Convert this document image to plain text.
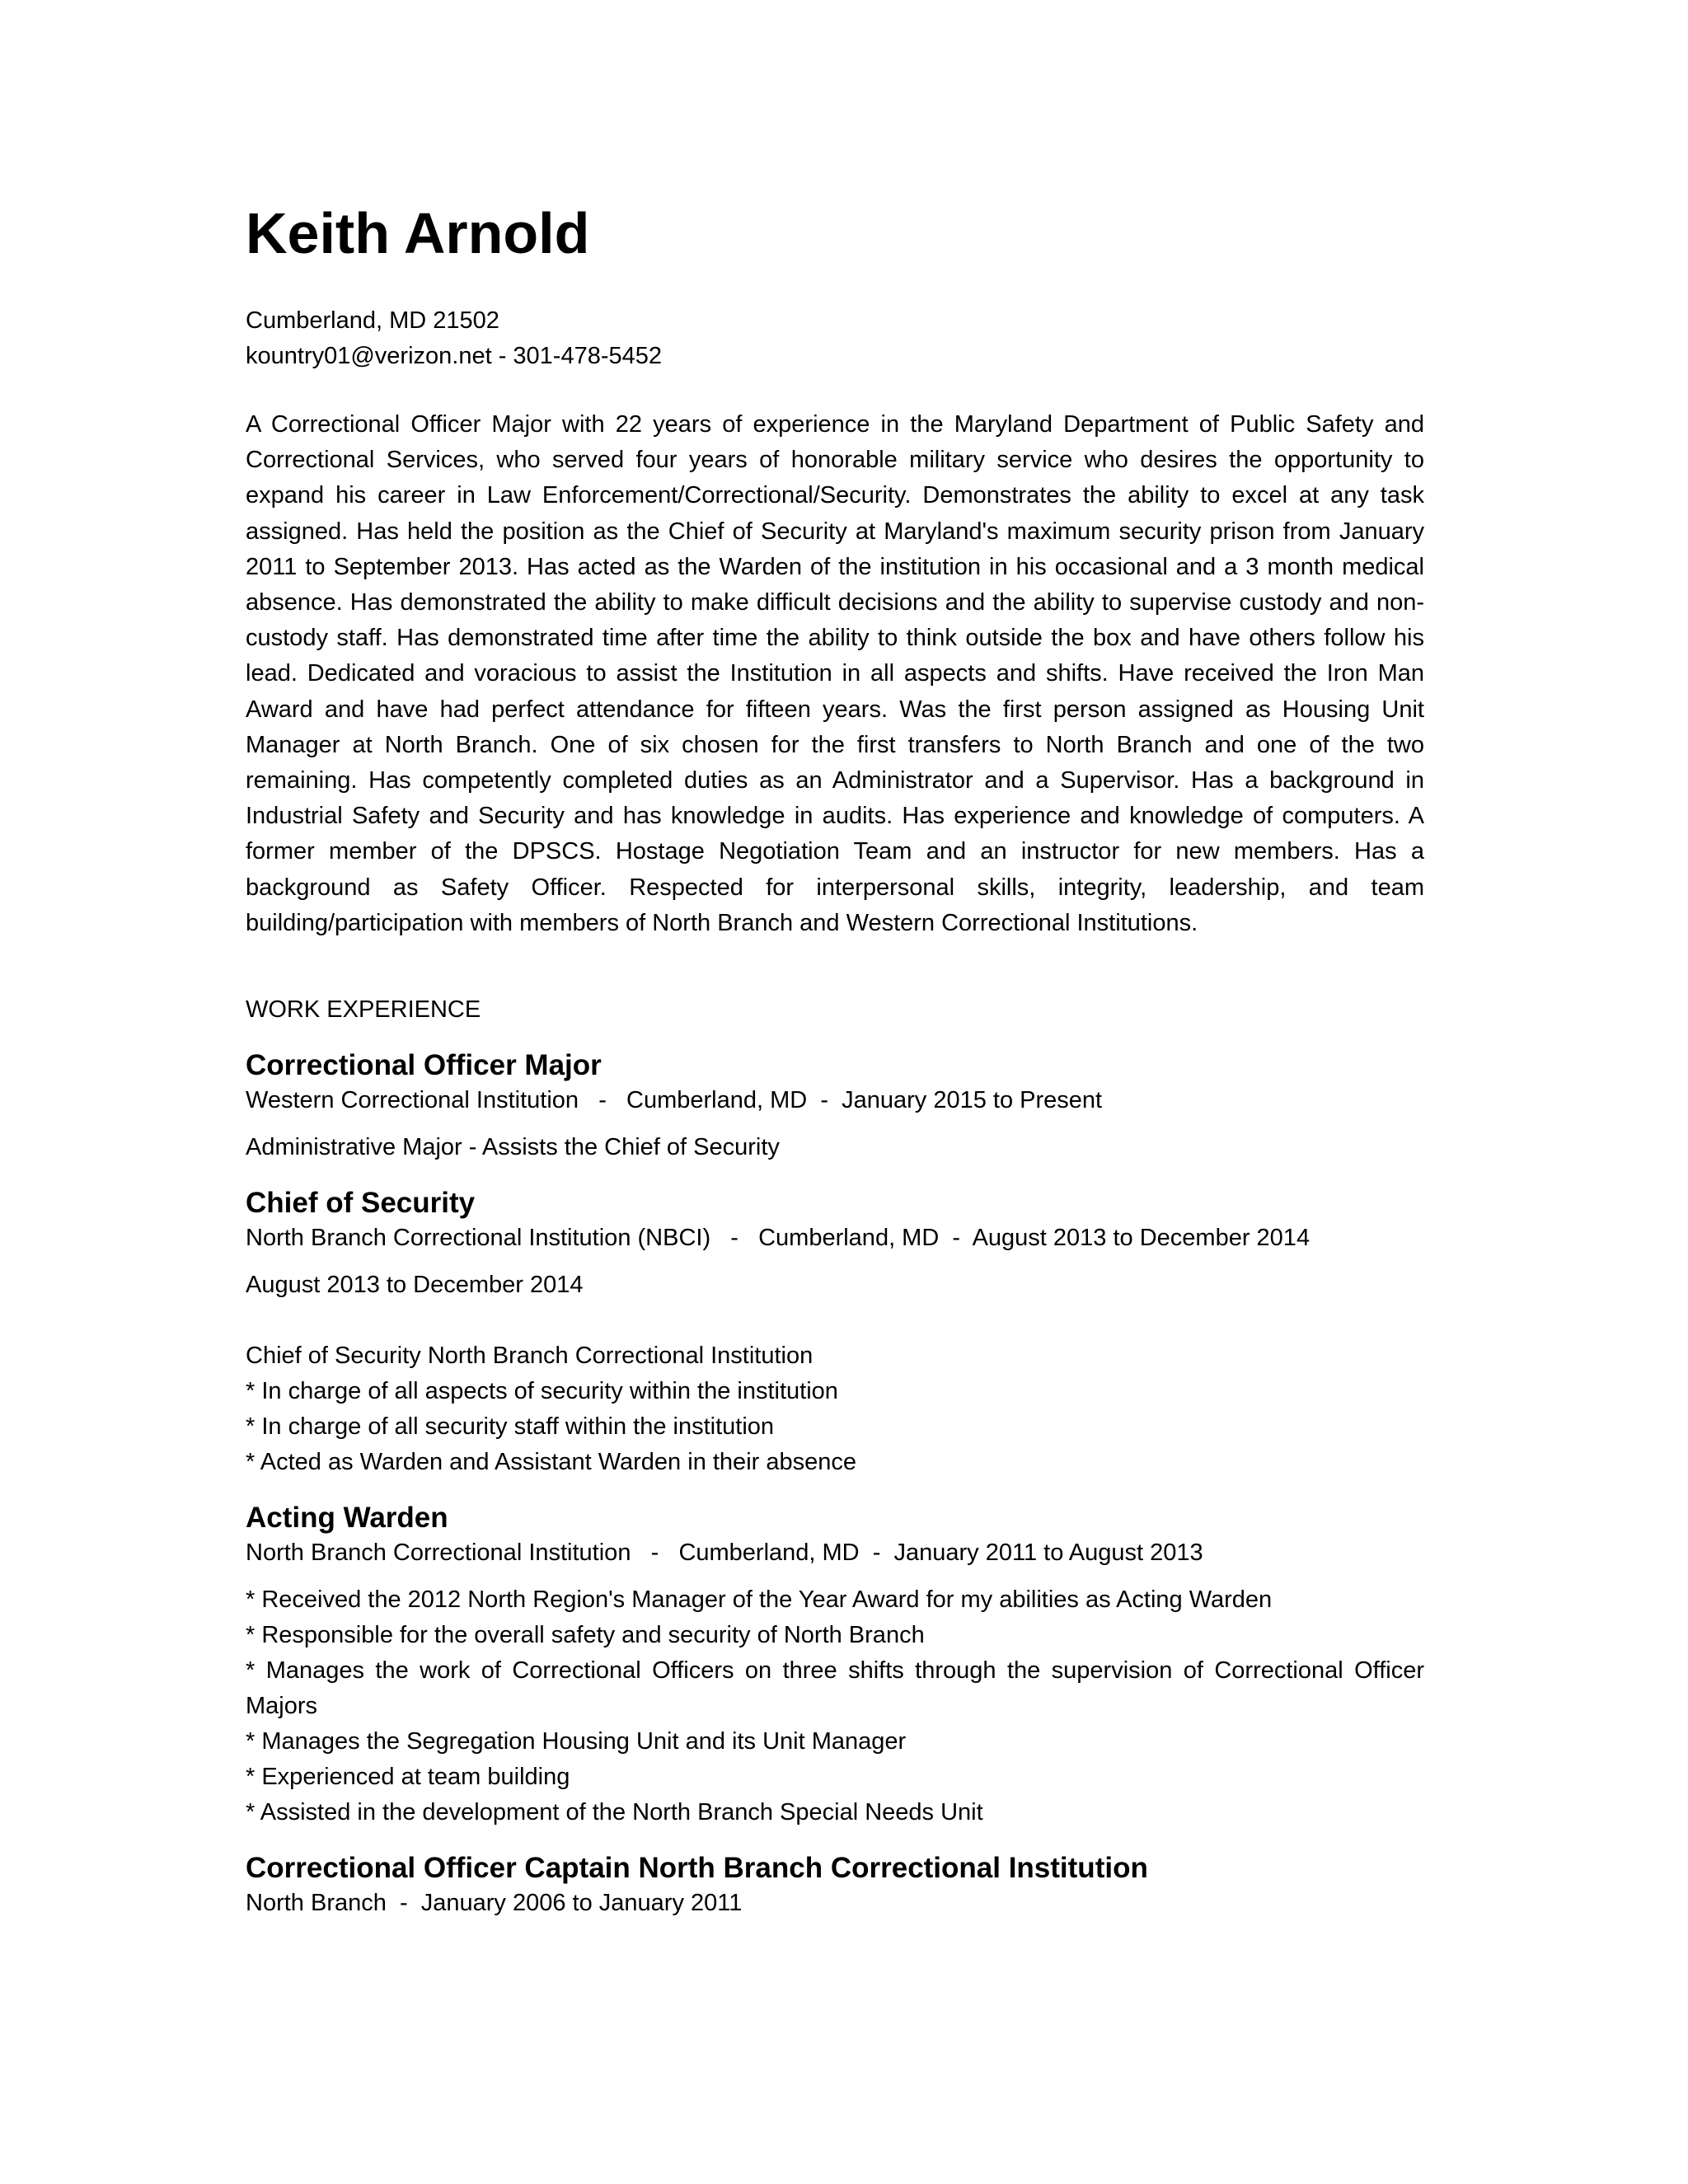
Keith Arnold
Cumberland, MD 21502
kountry01@verizon.net - 301-478-5452
A Correctional Officer Major with 22 years of experience in the Maryland Department of Public Safety and Correctional Services, who served four years of honorable military service who desires the opportunity to expand his career in Law Enforcement/Correctional/Security. Demonstrates the ability to excel at any task assigned. Has held the position as the Chief of Security at Maryland's maximum security prison from January 2011 to September 2013. Has acted as the Warden of the institution in his occasional and a 3 month medical absence. Has demonstrated the ability to make difficult decisions and the ability to supervise custody and non-custody staff. Has demonstrated time after time the ability to think outside the box and have others follow his lead. Dedicated and voracious to assist the Institution in all aspects and shifts. Have received the Iron Man Award and have had perfect attendance for fifteen years. Was the first person assigned as Housing Unit Manager at North Branch. One of six chosen for the first transfers to North Branch and one of the two remaining. Has competently completed duties as an Administrator and a Supervisor. Has a background in Industrial Safety and Security and has knowledge in audits. Has experience and knowledge of computers. A former member of the DPSCS. Hostage Negotiation Team and an instructor for new members. Has a background as Safety Officer. Respected for interpersonal skills, integrity, leadership, and team building/participation with members of North Branch and Western Correctional Institutions.
WORK EXPERIENCE
Correctional Officer Major
Western Correctional Institution   -   Cumberland, MD  -  January 2015 to Present
Administrative Major - Assists the Chief of Security
Chief of Security
North Branch Correctional Institution (NBCI)   -   Cumberland, MD  -  August 2013 to December 2014
August 2013 to December 2014
Chief of Security North Branch Correctional Institution
* In charge of all aspects of security within the institution
* In charge of all security staff within the institution
* Acted as Warden and Assistant Warden in their absence
Acting Warden
North Branch Correctional Institution   -   Cumberland, MD  -  January 2011 to August 2013
* Received the 2012 North Region's Manager of the Year Award for my abilities as Acting Warden
* Responsible for the overall safety and security of North Branch
* Manages the work of Correctional Officers on three shifts through the supervision of Correctional Officer Majors
* Manages the Segregation Housing Unit and its Unit Manager
* Experienced at team building
* Assisted in the development of the North Branch Special Needs Unit
Correctional Officer Captain North Branch Correctional Institution
North Branch  -  January 2006 to January 2011
